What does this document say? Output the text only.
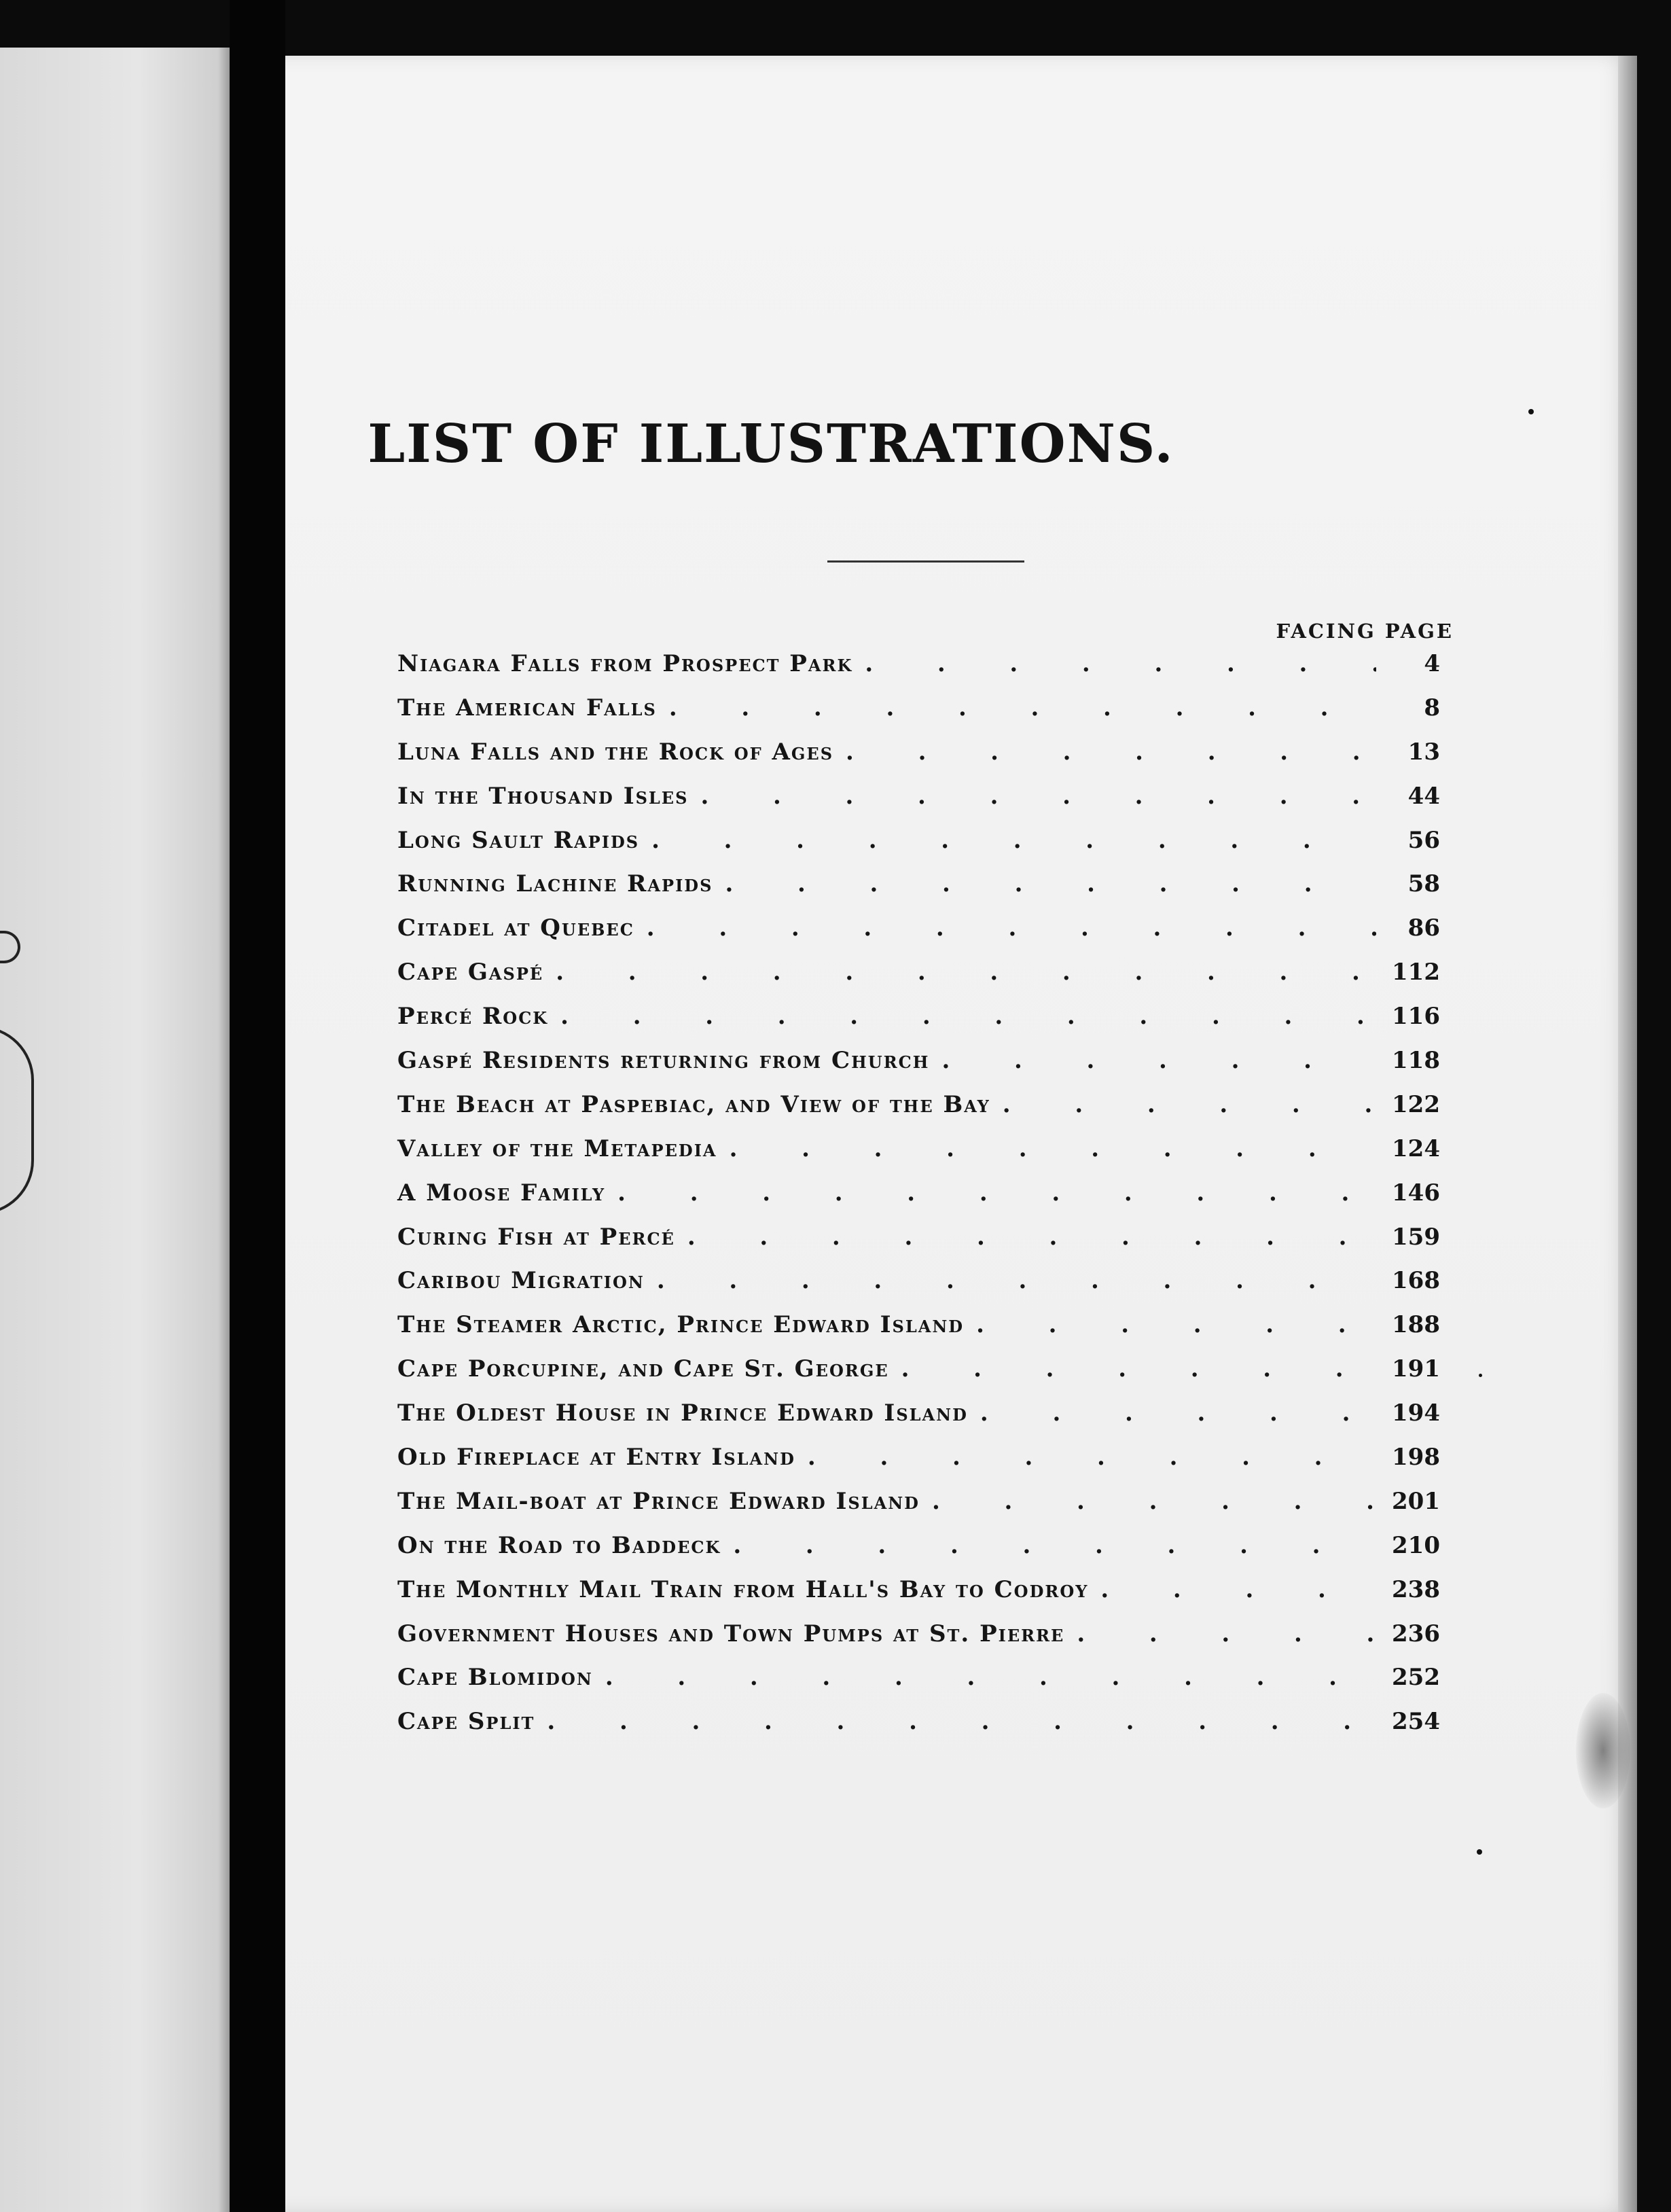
LIST OF ILLUSTRATIONS.
FACING PAGE
Niagara Falls from Prospect Park .	4
The American Falls .	8
Luna Falls and the Rock of Ages .	13
In the Thousand Isles .	44
Long Sault Rapids .	56
Running Lachine Rapids .	58
Citadel at Quebec .	86
Cape Gaspé .	112
Percé Rock .	116
Gaspé Residents returning from Church .	118
The Beach at Paspebiac, and View of the Bay .	122
Valley of the Metapedia .	124
A Moose Family .	146
Curing Fish at Percé .	159
Caribou Migration .	168
The Steamer Arctic, Prince Edward Island .	188
Cape Porcupine, and Cape St. George .	191
The Oldest House in Prince Edward Island .	194
Old Fireplace at Entry Island .	198
The Mail-boat at Prince Edward Island .	201
On the Road to Baddeck .	210
The Monthly Mail Train from Hall's Bay to Codroy .	238
Government Houses and Town Pumps at St. Pierre .	236
Cape Blomidon .	252
Cape Split .	254
